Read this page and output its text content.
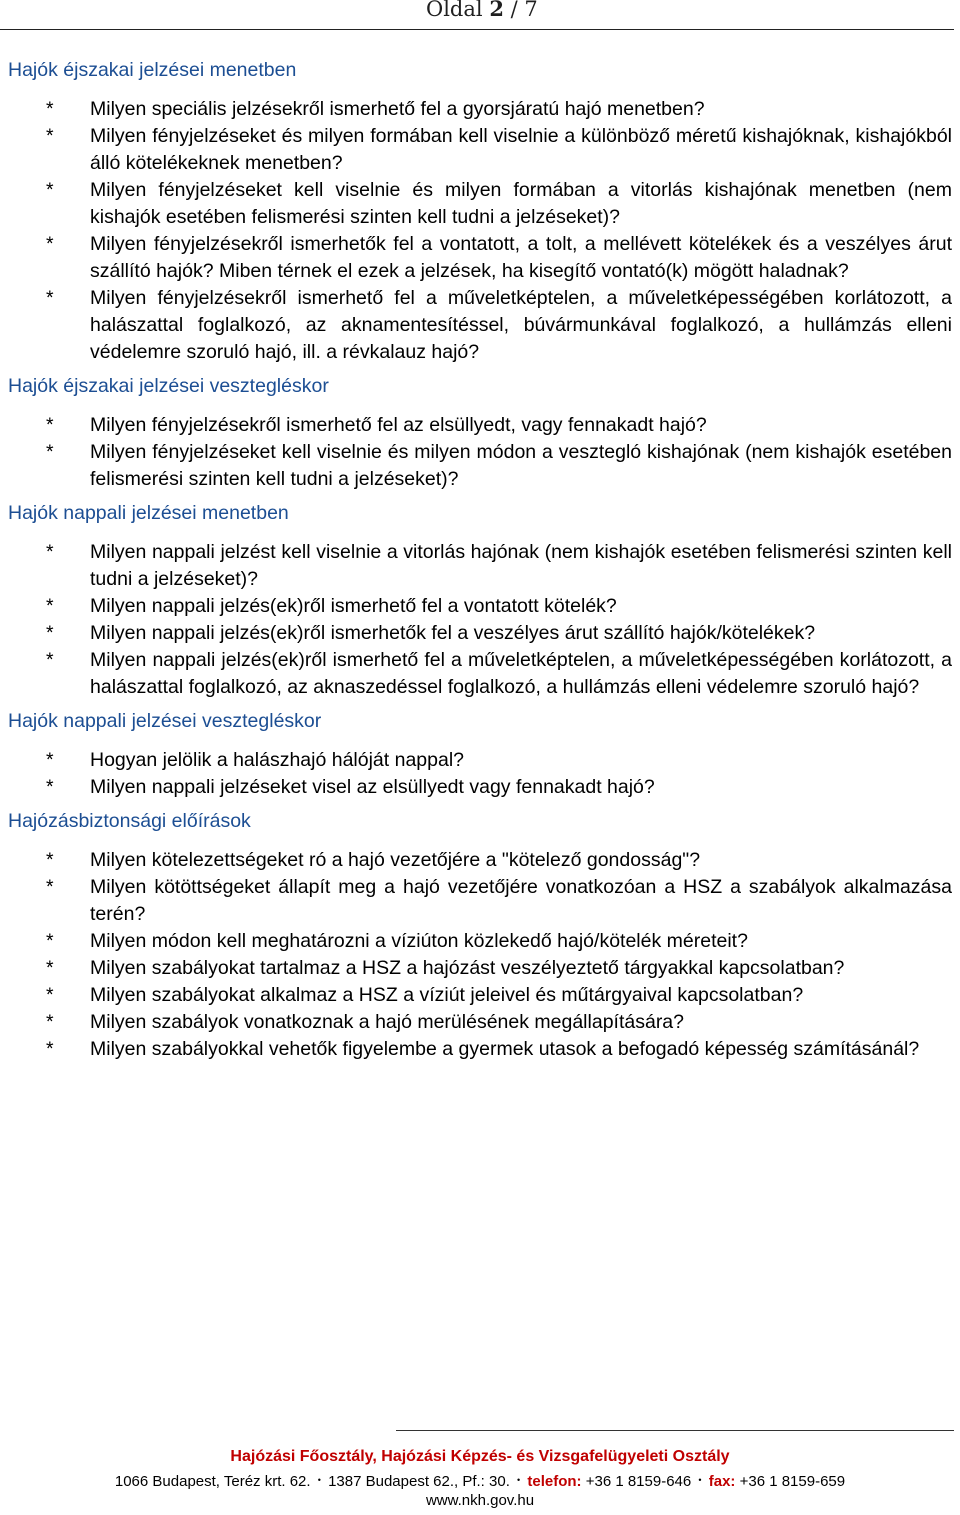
Oldal 2 / 7
Hajók éjszakai jelzései menetben
* Milyen speciális jelzésekről ismerhető fel a gyorsjáratú hajó menetben?
* Milyen fényjelzéseket és milyen formában kell viselnie a különböző méretű kishajóknak, kishajókból álló kötelékeknek menetben?
* Milyen fényjelzéseket kell viselnie és milyen formában a vitorlás kishajónak menetben (nem kishajók esetében felismerési szinten kell tudni a jelzéseket)?
* Milyen fényjelzésekről ismerhetők fel a vontatott, a tolt, a mellévett kötelékek és a veszélyes árut szállító hajók? Miben térnek el ezek a jelzések, ha kisegítő vontató(k) mögött haladnak?
* Milyen fényjelzésekről ismerhető fel a műveletképtelen, a műveletképességében korlátozott, a halászattal foglalkozó, az aknamentesítéssel, búvármunkával foglalkozó, a hullámzás elleni védelemre szoruló hajó, ill. a révkalauz hajó?
Hajók éjszakai jelzései vesztegléskor
* Milyen fényjelzésekről ismerhető fel az elsüllyedt, vagy fennakadt hajó?
* Milyen fényjelzéseket kell viselnie és milyen módon a vesztegló kishajónak (nem kishajók esetében felismerési szinten kell tudni a jelzéseket)?
Hajók nappali jelzései menetben
* Milyen nappali jelzést kell viselnie a vitorlás hajónak (nem kishajók esetében felismerési szinten kell tudni a jelzéseket)?
* Milyen nappali jelzés(ek)ről ismerhető fel a vontatott kötelék?
* Milyen nappali jelzés(ek)ről ismerhetők fel a veszélyes árut szállító hajók/kötelékek?
* Milyen nappali jelzés(ek)ről ismerhető fel a műveletképtelen, a műveletképességében korlátozott, a halászattal foglalkozó, az aknaszedéssel foglalkozó, a hullámzás elleni védelemre szoruló hajó?
Hajók nappali jelzései vesztegléskor
* Hogyan jelölik a halászhajó hálóját nappal?
* Milyen nappali jelzéseket visel az elsüllyedt vagy fennakadt hajó?
Hajózásbiztonsági előírások
* Milyen kötelezettségeket ró a hajó vezetőjére a "kötelező gondosság"?
* Milyen kötöttségeket állapít meg a hajó vezetőjére vonatkozóan a HSZ a szabályok alkalmazása terén?
* Milyen módon kell meghatározni a víziúton közlekedő hajó/kötelék méreteit?
* Milyen szabályokat tartalmaz a HSZ a hajózást veszélyeztető tárgyakkal kapcsolatban?
* Milyen szabályokat alkalmaz a HSZ a víziút jeleivel és műtárgyaival kapcsolatban?
* Milyen szabályok vonatkoznak a hajó merülésének megállapítására?
* Milyen szabályokkal vehetők figyelembe a gyermek utasok a befogadó képesség számításánál?
Hajózási Főosztály, Hajózási Képzés- és Vizsgafelügyeleti Osztály
1066 Budapest, Teréz krt. 62. • 1387 Budapest 62., Pf.: 30. • telefon: +36 1 8159-646 • fax: +36 1 8159-659
www.nkh.gov.hu
